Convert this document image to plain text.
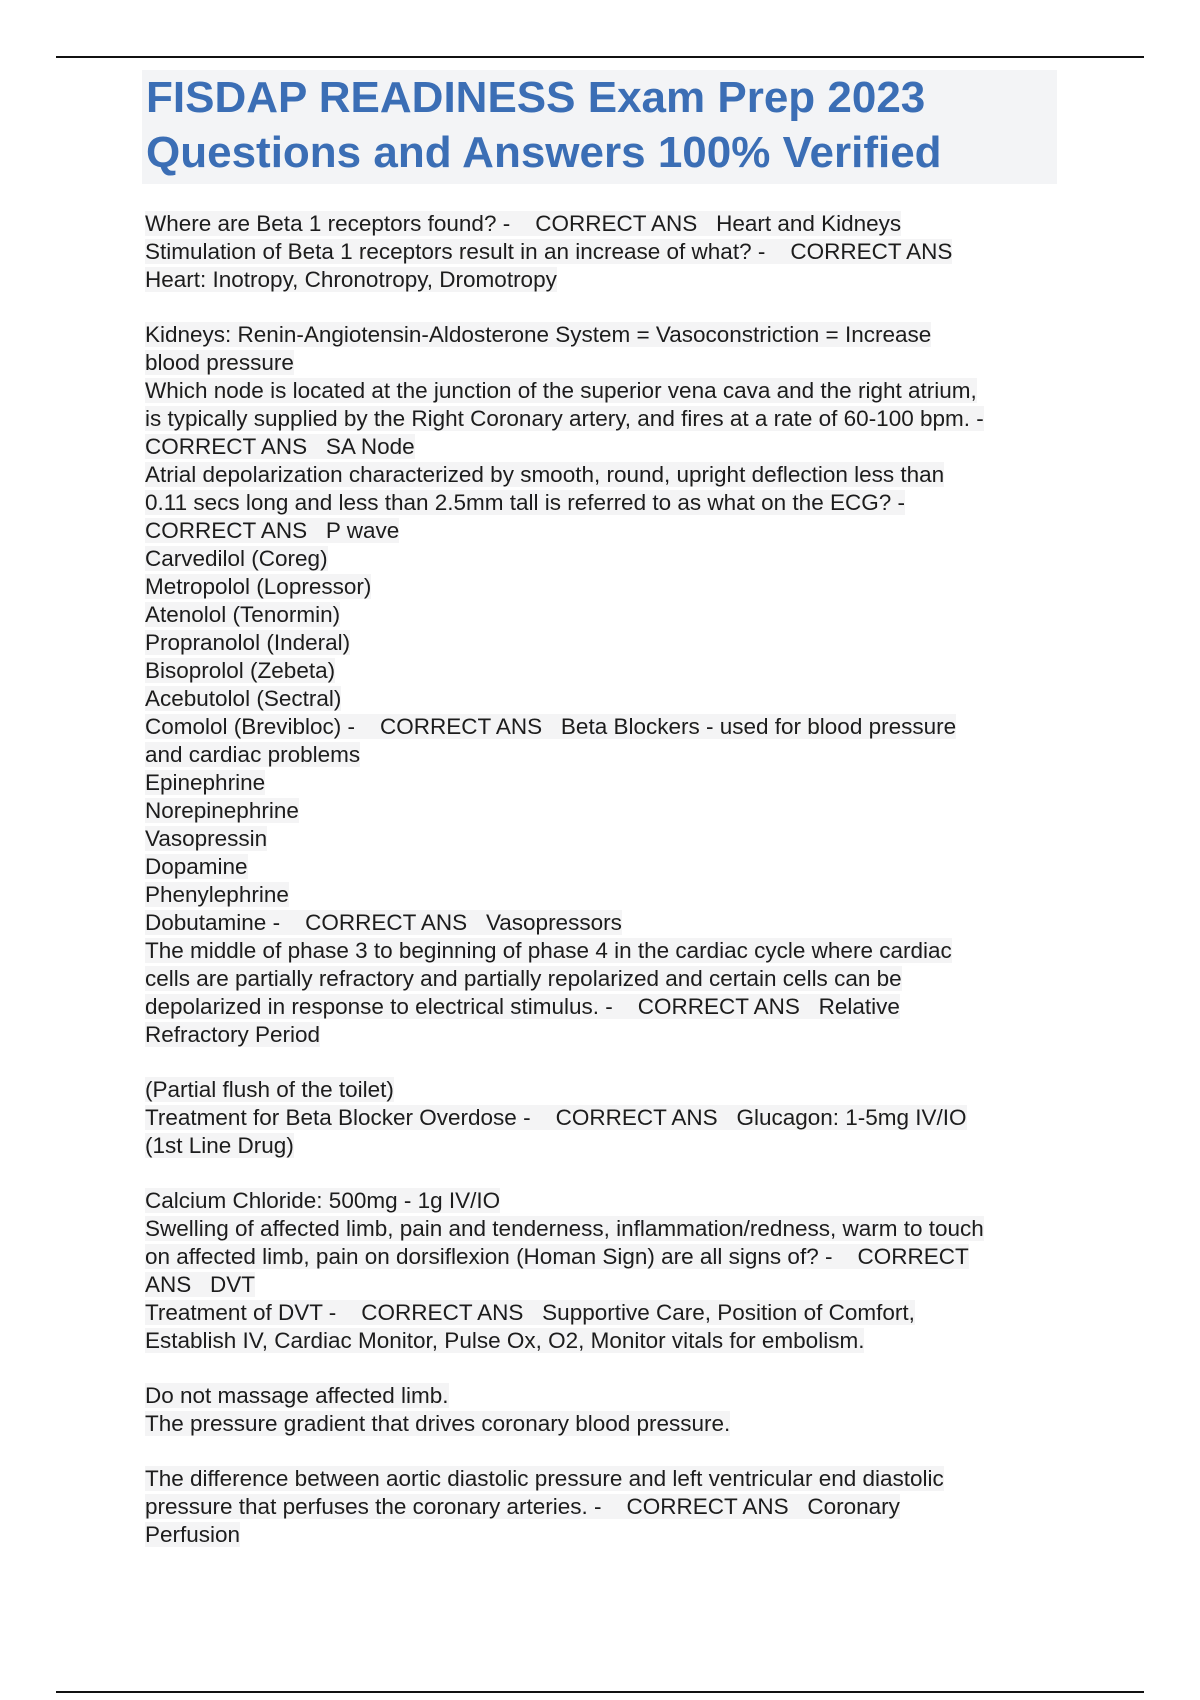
FISDAP READINESS Exam Prep 2023
Questions and Answers 100% Verified
Where are Beta 1 receptors found? -    CORRECT ANS   Heart and Kidneys
Stimulation of Beta 1 receptors result in an increase of what? -    CORRECT ANS
Heart: Inotropy, Chronotropy, Dromotropy
Kidneys: Renin-Angiotensin-Aldosterone System = Vasoconstriction = Increase
blood pressure
Which node is located at the junction of the superior vena cava and the right atrium,
is typically supplied by the Right Coronary artery, and fires at a rate of 60-100 bpm. -
CORRECT ANS   SA Node
Atrial depolarization characterized by smooth, round, upright deflection less than
0.11 secs long and less than 2.5mm tall is referred to as what on the ECG? -
CORRECT ANS   P wave
Carvedilol (Coreg)
Metropolol (Lopressor)
Atenolol (Tenormin)
Propranolol (Inderal)
Bisoprolol (Zebeta)
Acebutolol (Sectral)
Comolol (Brevibloc) -    CORRECT ANS   Beta Blockers - used for blood pressure
and cardiac problems
Epinephrine
Norepinephrine
Vasopressin
Dopamine
Phenylephrine
Dobutamine -    CORRECT ANS   Vasopressors
The middle of phase 3 to beginning of phase 4 in the cardiac cycle where cardiac
cells are partially refractory and partially repolarized and certain cells can be
depolarized in response to electrical stimulus. -    CORRECT ANS   Relative
Refractory Period
(Partial flush of the toilet)
Treatment for Beta Blocker Overdose -    CORRECT ANS   Glucagon: 1-5mg IV/IO
(1st Line Drug)
Calcium Chloride: 500mg - 1g IV/IO
Swelling of affected limb, pain and tenderness, inflammation/redness, warm to touch
on affected limb, pain on dorsiflexion (Homan Sign) are all signs of? -    CORRECT
ANS   DVT
Treatment of DVT -    CORRECT ANS   Supportive Care, Position of Comfort,
Establish IV, Cardiac Monitor, Pulse Ox, O2, Monitor vitals for embolism.
Do not massage affected limb.
The pressure gradient that drives coronary blood pressure.
The difference between aortic diastolic pressure and left ventricular end diastolic
pressure that perfuses the coronary arteries. -    CORRECT ANS   Coronary
Perfusion
